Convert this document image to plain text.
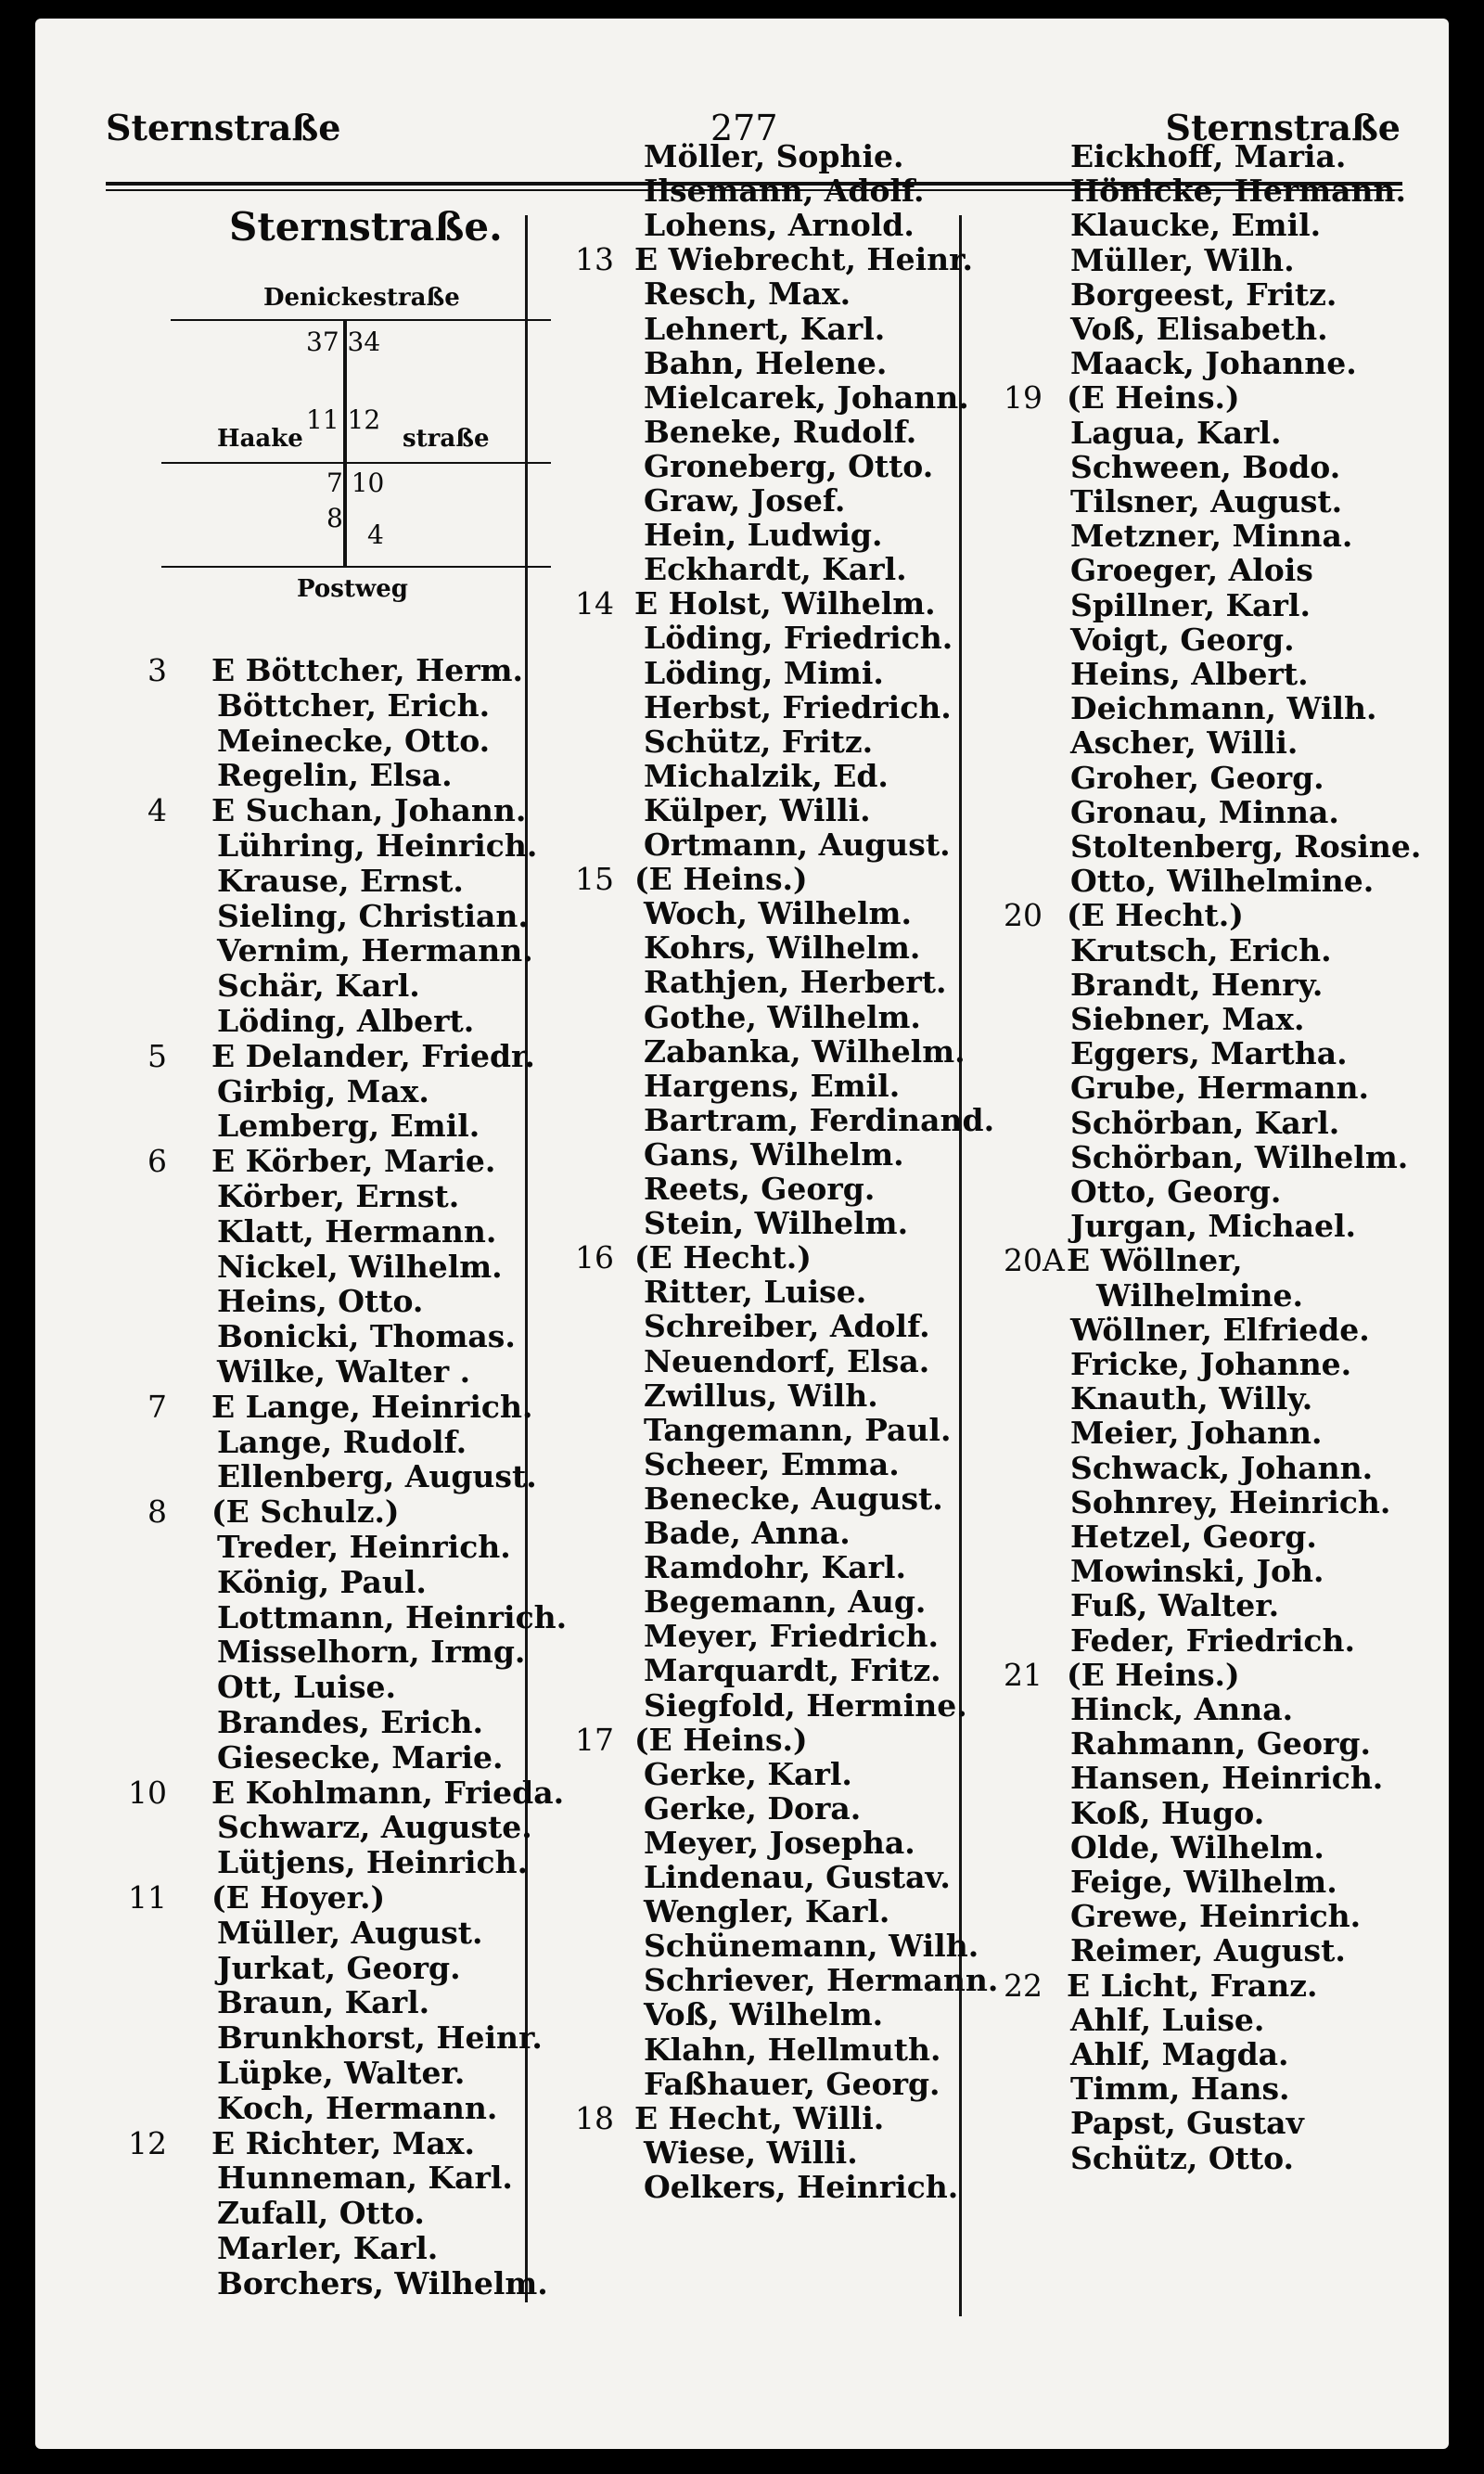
Sternstraße	277	Sternstraße
Sternstraße.
Denickestraße
37 34
11 12
Haake	straße
7 10
8
4
Postweg
3 E Böttcher, Herm.
Böttcher, Erich.
Meinecke, Otto.
Regelin, Elsa.
4 E Suchan, Johann.
Lühring, Heinrich.
Krause, Ernst.
Sieling, Christian.
Vernim, Hermann.
Schär, Karl.
Löding, Albert.
5 E Delander, Friedr.
Girbig, Max.
Lemberg, Emil.
6 E Körber, Marie.
Körber, Ernst.
Klatt, Hermann.
Nickel, Wilhelm.
Heins, Otto.
Bonicki, Thomas.
Wilke, Walter .
7 E Lange, Heinrich.
Lange, Rudolf.
Ellenberg, August.
8 (E Schulz.)
Treder, Heinrich.
König, Paul.
Lottmann, Heinrich.
Misselhorn, Irmg.
Ott, Luise.
Brandes, Erich.
Giesecke, Marie.
10 E Kohlmann, Frieda.
Schwarz, Auguste.
Lütjens, Heinrich.
11 (E Hoyer.)
Müller, August.
Jurkat, Georg.
Braun, Karl.
Brunkhorst, Heinr.
Lüpke, Walter.
Koch, Hermann.
12 E Richter, Max.
Hunneman, Karl.
Zufall, Otto.
Marler, Karl.
Borchers, Wilhelm.
Möller, Sophie.
Ilsemann, Adolf.
Lohens, Arnold.
13 E Wiebrecht, Heinr.
Resch, Max.
Lehnert, Karl.
Bahn, Helene.
Mielcarek, Johann.
Beneke, Rudolf.
Groneberg, Otto.
Graw, Josef.
Hein, Ludwig.
Eckhardt, Karl.
14 E Holst, Wilhelm.
Löding, Friedrich.
Löding, Mimi.
Herbst, Friedrich.
Schütz, Fritz.
Michalzik, Ed.
Külper, Willi.
Ortmann, August.
15 (E Heins.)
Woch, Wilhelm.
Kohrs, Wilhelm.
Rathjen, Herbert.
Gothe, Wilhelm.
Zabanka, Wilhelm.
Hargens, Emil.
Bartram, Ferdinand.
Gans, Wilhelm.
Reets, Georg.
Stein, Wilhelm.
16 (E Hecht.)
Ritter, Luise.
Schreiber, Adolf.
Neuendorf, Elsa.
Zwillus, Wilh.
Tangemann, Paul.
Scheer, Emma.
Benecke, August.
Bade, Anna.
Ramdohr, Karl.
Begemann, Aug.
Meyer, Friedrich.
Marquardt, Fritz.
Siegfold, Hermine.
17 (E Heins.)
Gerke, Karl.
Gerke, Dora.
Meyer, Josepha.
Lindenau, Gustav.
Wengler, Karl.
Schünemann, Wilh.
Schriever, Hermann.
Voß, Wilhelm.
Klahn, Hellmuth.
Faßhauer, Georg.
18 E Hecht, Willi.
Wiese, Willi.
Oelkers, Heinrich.
Eickhoff, Maria.
Hönicke, Hermann.
Klaucke, Emil.
Müller, Wilh.
Borgeest, Fritz.
Voß, Elisabeth.
Maack, Johanne.
19 (E Heins.)
Lagua, Karl.
Schween, Bodo.
Tilsner, August.
Metzner, Minna.
Groeger, Alois
Spillner, Karl.
Voigt, Georg.
Heins, Albert.
Deichmann, Wilh.
Ascher, Willi.
Groher, Georg.
Gronau, Minna.
Stoltenberg, Rosine.
Otto, Wilhelmine.
20 (E Hecht.)
Krutsch, Erich.
Brandt, Henry.
Siebner, Max.
Eggers, Martha.
Grube, Hermann.
Schörban, Karl.
Schörban, Wilhelm.
Otto, Georg.
Jurgan, Michael.
20A E Wöllner,
Wilhelmine.
Wöllner, Elfriede.
Fricke, Johanne.
Knauth, Willy.
Meier, Johann.
Schwack, Johann.
Sohnrey, Heinrich.
Hetzel, Georg.
Mowinski, Joh.
Fuß, Walter.
Feder, Friedrich.
21 (E Heins.)
Hinck, Anna.
Rahmann, Georg.
Hansen, Heinrich.
Koß, Hugo.
Olde, Wilhelm.
Feige, Wilhelm.
Grewe, Heinrich.
Reimer, August.
22 E Licht, Franz.
Ahlf, Luise.
Ahlf, Magda.
Timm, Hans.
Papst, Gustav
Schütz, Otto.
